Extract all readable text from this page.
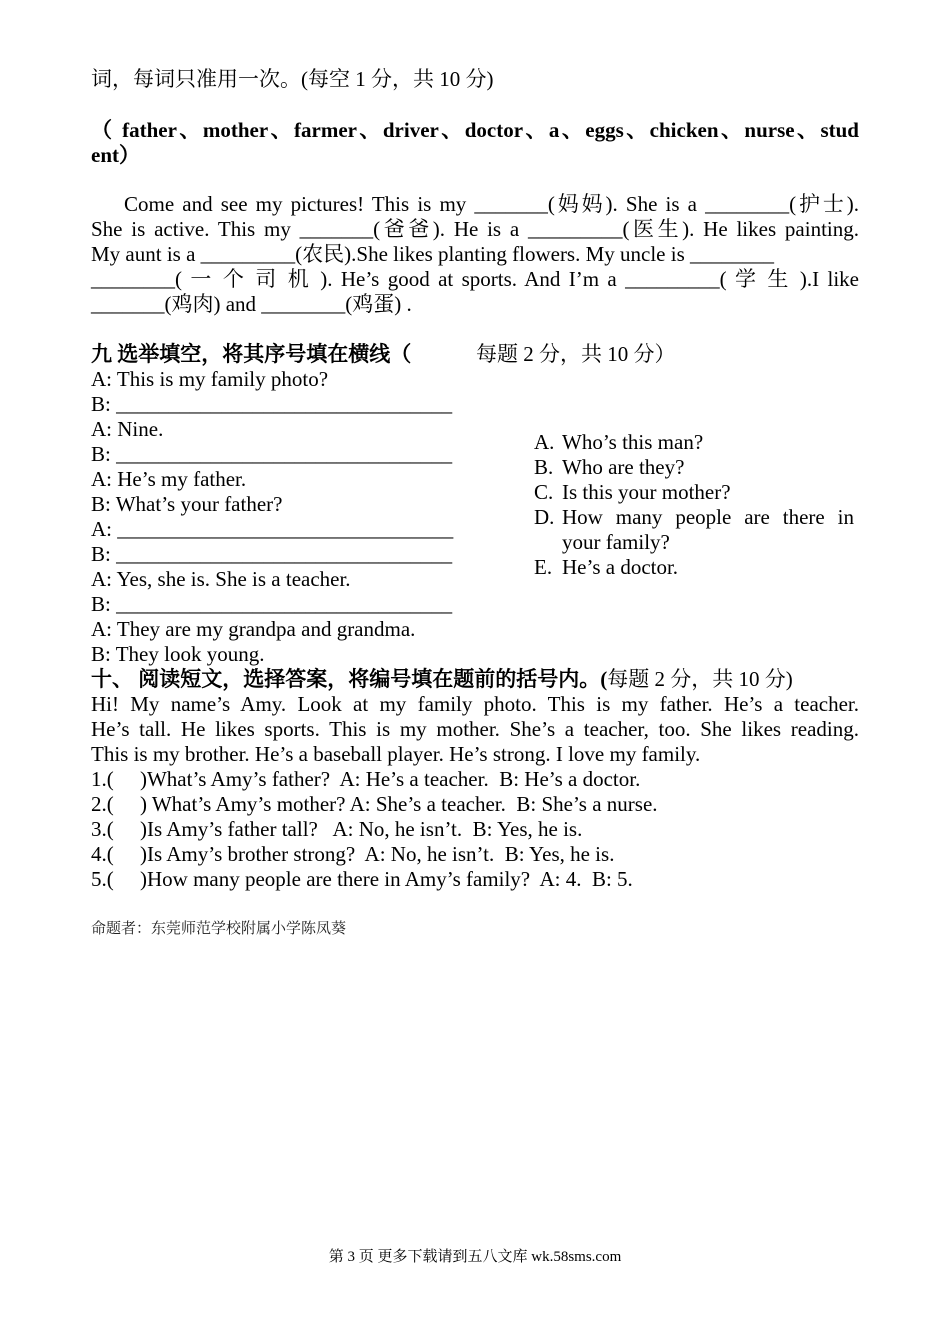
词，每词只准用一次。(每空 1 分，共 10 分)
（ father、mother、farmer、driver、doctor、a、eggs、chicken、nurse、stud
ent）
Come and see my pictures! This is my _______(妈妈). She is a ________(护士).
She is active. This my _______(爸爸). He is a _________(医生). He likes painting.
My aunt is a _________(农民).She likes planting flowers. My uncle is ________
________( 一 个 司 机 ). He’s good at sports. And I’m a _________( 学 生 ).I like
_______(鸡肉) and ________(鸡蛋) .
九 选举填空，将其序号填在横线（	每题 2 分，共 10 分）
A: This is my family photo?
B: ________________________________
A: Nine.
B: ________________________________
A: He’s my father.
B: What’s your father?
A: ________________________________
B: ________________________________
A: Yes, she is. She is a teacher.
B: ________________________________
A: They are my grandpa and grandma.
B: They look young.
A. Who’s this man?
B. Who are they?
C. Is this your mother?
D. How many people are there in
your family?
E. He’s a doctor.
十、 阅读短文，选择答案，将编号填在题前的括号内。(每题 2 分，共 10 分)
Hi! My name’s Amy. Look at my family photo. This is my father. He’s a teacher.
He’s tall. He likes sports. This is my mother. She’s a teacher, too. She likes reading.
This is my brother. He’s a baseball player. He’s strong. I love my family.
1.(     )What’s Amy’s father?  A: He’s a teacher.  B: He’s a doctor.
2.(     ) What’s Amy’s mother? A: She’s a teacher.  B: She’s a nurse.
3.(     )Is Amy’s father tall?   A: No, he isn’t.  B: Yes, he is.
4.(     )Is Amy’s brother strong?  A: No, he isn’t.  B: Yes, he is.
5.(     )How many people are there in Amy’s family?  A: 4.  B: 5.
命题者：东莞师范学校附属小学陈凤葵
第 3 页 更多下载请到五八文库 wk.58sms.com
